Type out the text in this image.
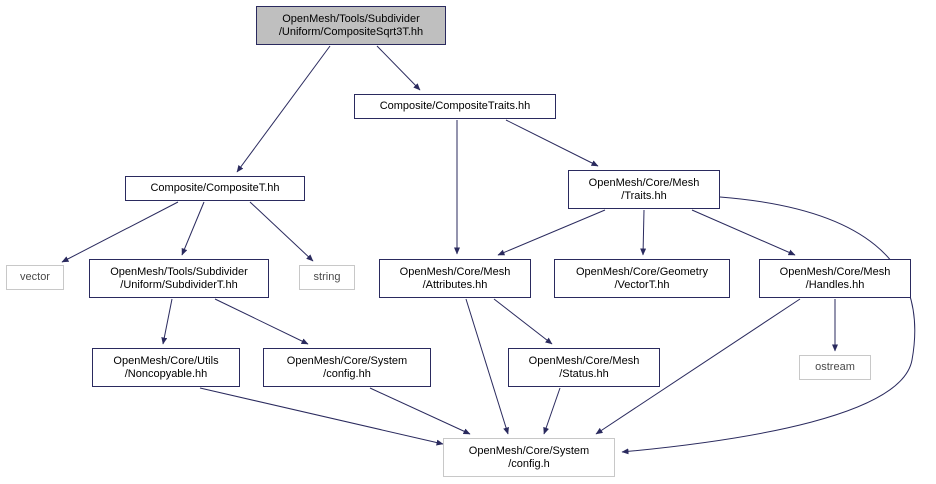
OpenMesh/Tools/Subdivider
/Uniform/CompositeSqrt3T.hh
Composite/CompositeTraits.hh
Composite/CompositeT.hh	OpenMesh/Core/Mesh
/Traits.hh
vector	OpenMesh/Tools/Subdivider
/Uniform/SubdividerT.hh
string	OpenMesh/Core/Mesh
/Attributes.hh
OpenMesh/Core/Geometry
/VectorT.hh
OpenMesh/Core/Mesh
/Handles.hh
OpenMesh/Core/Utils
/Noncopyable.hh
OpenMesh/Core/System
/config.hh
OpenMesh/Core/Mesh
/Status.hh
ostream
OpenMesh/Core/System
/config.h
